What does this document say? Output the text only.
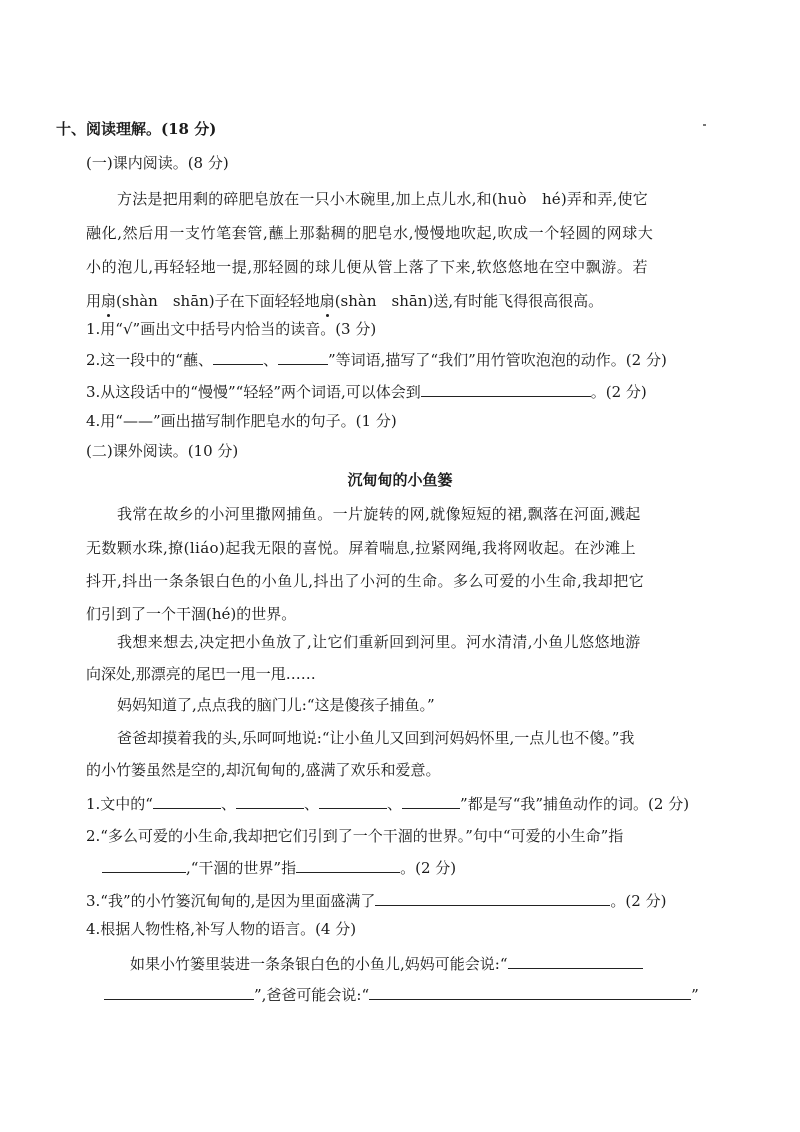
十、阅读理解。(18 分)
(一)课内阅读。(8 分)
方法是把用剩的碎肥皂放在一只小木碗里,加上点儿水,和(huò　hé)弄和弄,使它
融化,然后用一支竹笔套管,蘸上那黏稠的肥皂水,慢慢地吹起,吹成一个轻圆的网球大
小的泡儿,再轻轻地一提,那轻圆的球儿便从管上落了下来,软悠悠地在空中飘游。若
用扇(shàn　shān)子在下面轻轻地扇(shàn　shān)送,有时能飞得很高很高。
1.用“√”画出文中括号内恰当的读音。(3 分)
2.这一段中的“蘸、	、	”等词语,描写了“我们”用竹管吹泡泡的动作。(2 分)
3.从这段话中的“慢慢”“轻轻”两个词语,可以体会到	。(2 分)
4.用“——”画出描写制作肥皂水的句子。(1 分)
(二)课外阅读。(10 分)
沉甸甸的小鱼篓
我常在故乡的小河里撒网捕鱼。一片旋转的网,就像短短的裙,飘落在河面,溅起
无数颗水珠,撩(liáo)起我无限的喜悦。屏着喘息,拉紧网绳,我将网收起。在沙滩上
抖开,抖出一条条银白色的小鱼儿,抖出了小河的生命。多么可爱的小生命,我却把它
们引到了一个干涸(hé)的世界。
我想来想去,决定把小鱼放了,让它们重新回到河里。河水清清,小鱼儿悠悠地游
向深处,那漂亮的尾巴一甩一甩……
妈妈知道了,点点我的脑门儿:“这是傻孩子捕鱼。”
爸爸却摸着我的头,乐呵呵地说:“让小鱼儿又回到河妈妈怀里,一点儿也不傻。”我
的小竹篓虽然是空的,却沉甸甸的,盛满了欢乐和爱意。
1.文中的“	、	、	、	”都是写“我”捕鱼动作的词。(2 分)
2.“多么可爱的小生命,我却把它们引到了一个干涸的世界。”句中“可爱的小生命”指
,“干涸的世界”指	。(2 分)
3.“我”的小竹篓沉甸甸的,是因为里面盛满了	。(2 分)
4.根据人物性格,补写人物的语言。(4 分)
如果小竹篓里装进一条条银白色的小鱼儿,妈妈可能会说:“
”,爸爸可能会说:“	”
